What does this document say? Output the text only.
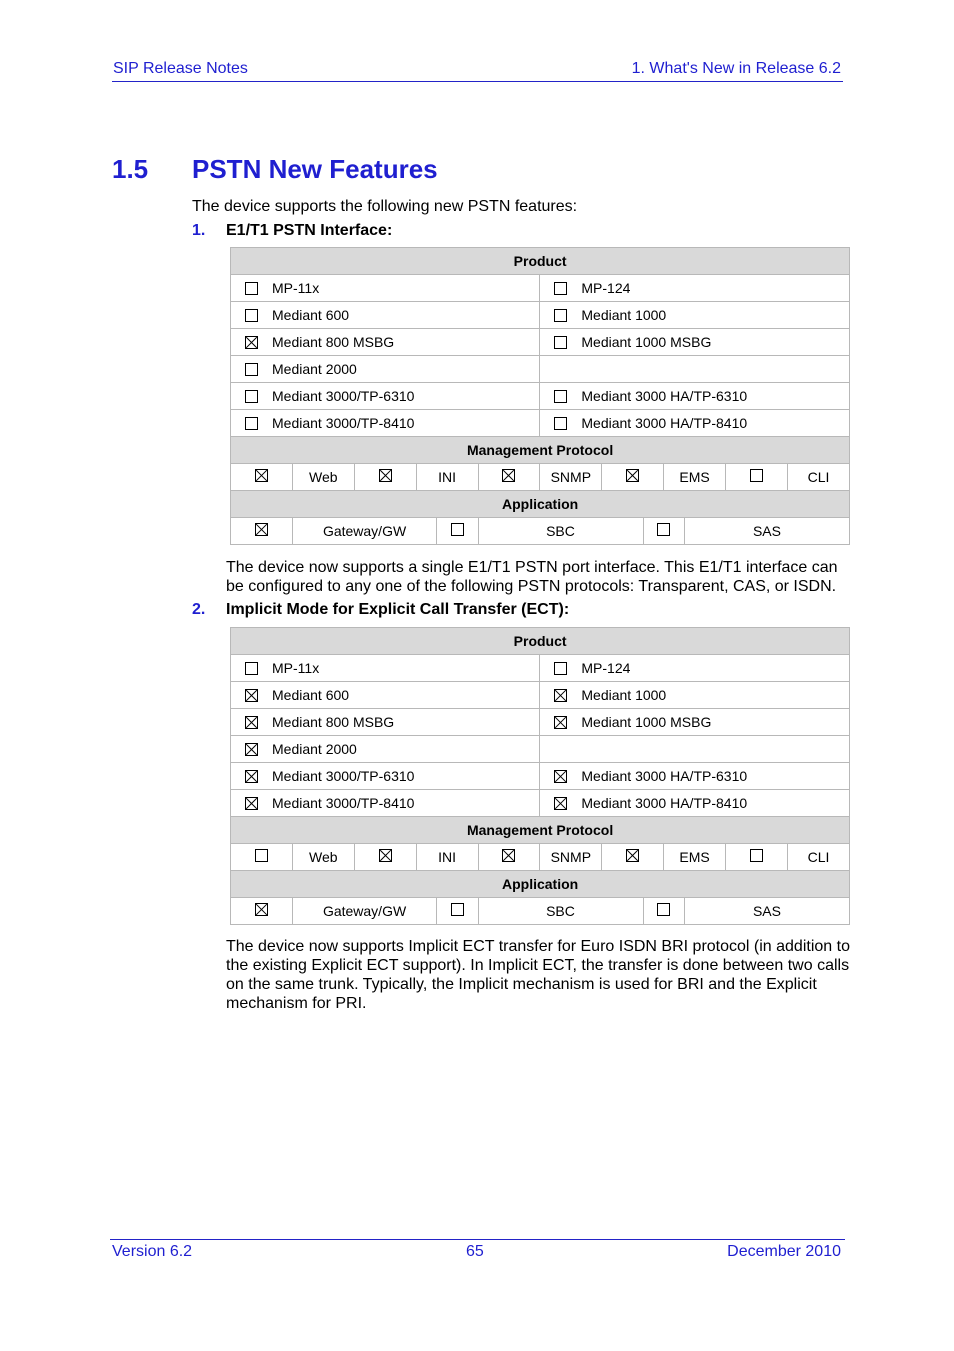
SIP Release Notes	1. What's New in Release 6.2
1.5 PSTN New Features
The device supports the following new PSTN features:
1. E1/T1 PSTN Interface:
Product												

MP-11x						MP-124						

Mediant 600						Mediant 1000						

Mediant 800 MSBG						Mediant 1000 MSBG						

Mediant 2000												

Mediant 3000/TP-6310						Mediant 3000 HA/TP-6310						

Mediant 3000/TP-8410						Mediant 3000 HA/TP-8410						

Management Protocol												
	Web		INI			SNMP			EMS			CLI
Application												
	Gateway/GW				SBC					SAS		
The device now supports a single E1/T1 PSTN port interface. This E1/T1 interface can be configured to any one of the following PSTN protocols: Transparent, CAS, or ISDN.
2. Implicit Mode for Explicit Call Transfer (ECT):
Product												

MP-11x						MP-124						

Mediant 600						Mediant 1000						

Mediant 800 MSBG						Mediant 1000 MSBG						

Mediant 2000												

Mediant 3000/TP-6310						Mediant 3000 HA/TP-6310						

Mediant 3000/TP-8410						Mediant 3000 HA/TP-8410						

Management Protocol												
	Web		INI			SNMP			EMS			CLI
Application												
	Gateway/GW				SBC					SAS		
The device now supports Implicit ECT transfer for Euro ISDN BRI protocol (in addition to the existing Explicit ECT support). In Implicit ECT, the transfer is done between two calls on the same trunk. Typically, the Implicit mechanism is used for BRI and the Explicit mechanism for PRI.
Version 6.2	65	December 2010
